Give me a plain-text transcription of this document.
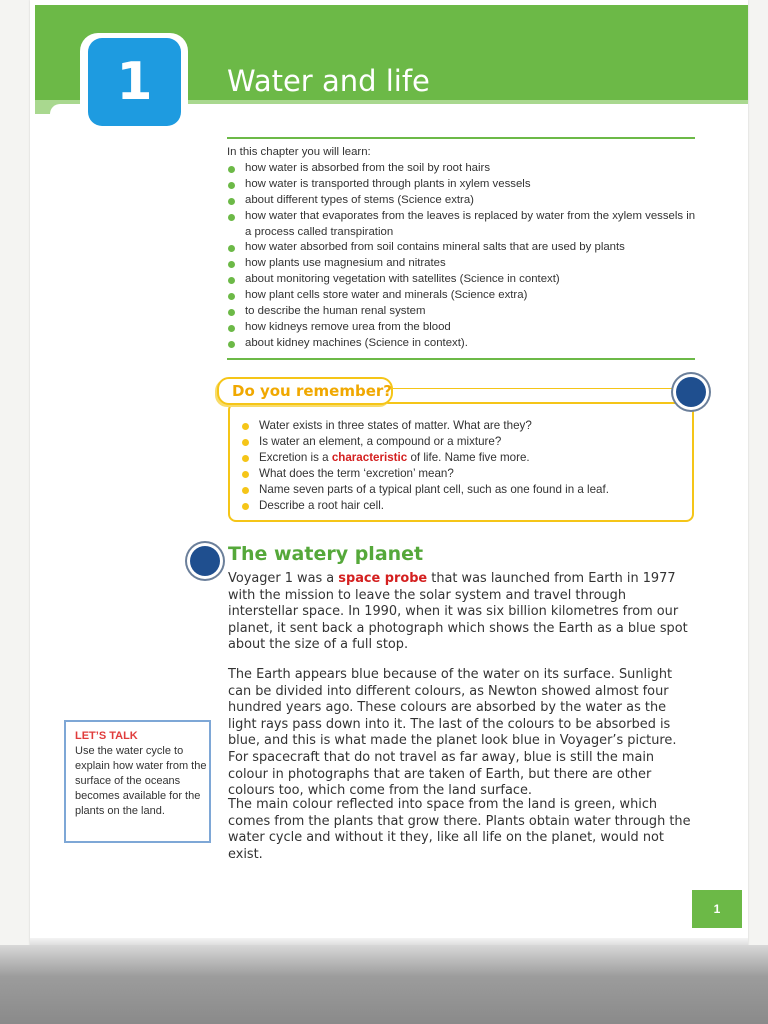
1	Water and life
In this chapter you will learn:
how water is absorbed from the soil by root hairs
how water is transported through plants in xylem vessels
about different types of stems (Science extra)
how water that evaporates from the leaves is replaced by water from the xylem vessels in a process called transpiration
how water absorbed from soil contains mineral salts that are used by plants
how plants use magnesium and nitrates
about monitoring vegetation with satellites (Science in context)
how plant cells store water and minerals (Science extra)
to describe the human renal system
how kidneys remove urea from the blood
about kidney machines (Science in context).
Do you remember?
Water exists in three states of matter. What are they?
Is water an element, a compound or a mixture?
Excretion is a characteristic of life. Name five more.
What does the term ‘excretion’ mean?
Name seven parts of a typical plant cell, such as one found in a leaf.
Describe a root hair cell.
The watery planet
Voyager 1 was a space probe that was launched from Earth in 1977 with the mission to leave the solar system and travel through interstellar space. In 1990, when it was six billion kilometres from our planet, it sent back a photograph which shows the Earth as a blue spot about the size of a full stop.
The Earth appears blue because of the water on its surface. Sunlight can be divided into different colours, as Newton showed almost four hundred years ago. These colours are absorbed by the water as the light rays pass down into it. The last of the colours to be absorbed is blue, and this is what made the planet look blue in Voyager’s picture. For spacecraft that do not travel as far away, blue is still the main colour in photographs that are taken of Earth, but there are other colours too, which come from the land surface.
The main colour reflected into space from the land is green, which comes from the plants that grow there. Plants obtain water through the water cycle and without it they, like all life on the planet, would not exist.
LET’S TALK
Use the water cycle to explain how water from the surface of the oceans becomes available for the plants on the land.
1
